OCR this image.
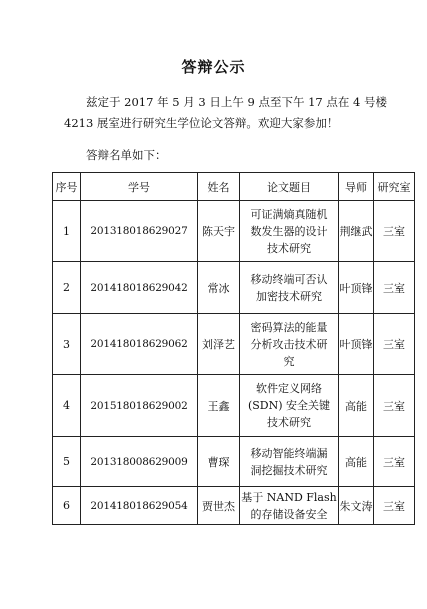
答辩公示
兹定于 2017 年 5 月 3 日上午 9 点至下午 17 点在 4 号楼
4213 展室进行研究生学位论文答辩。欢迎大家参加！
答辩名单如下：
序号	学号	姓名	论文题目	导师	研究室
1	201318018629027	陈天宇	可证满熵真随机
数发生器的设计
技术研究	荆继武	三室
2	201418018629042	常冰	移动终端可否认
加密技术研究	叶顶锋	三室
3	201418018629062	刘泽艺	密码算法的能量
分析攻击技术研
究	叶顶锋	三室
4	201518018629002	王鑫	软件定义网络
(SDN) 安全关键
技术研究	高能	三室
5	201318008629009	曹琛	移动智能终端漏
洞挖掘技术研究	高能	三室
6	201418018629054	贾世杰	基于 NAND Flash
的存储设备安全	朱文涛	三室
